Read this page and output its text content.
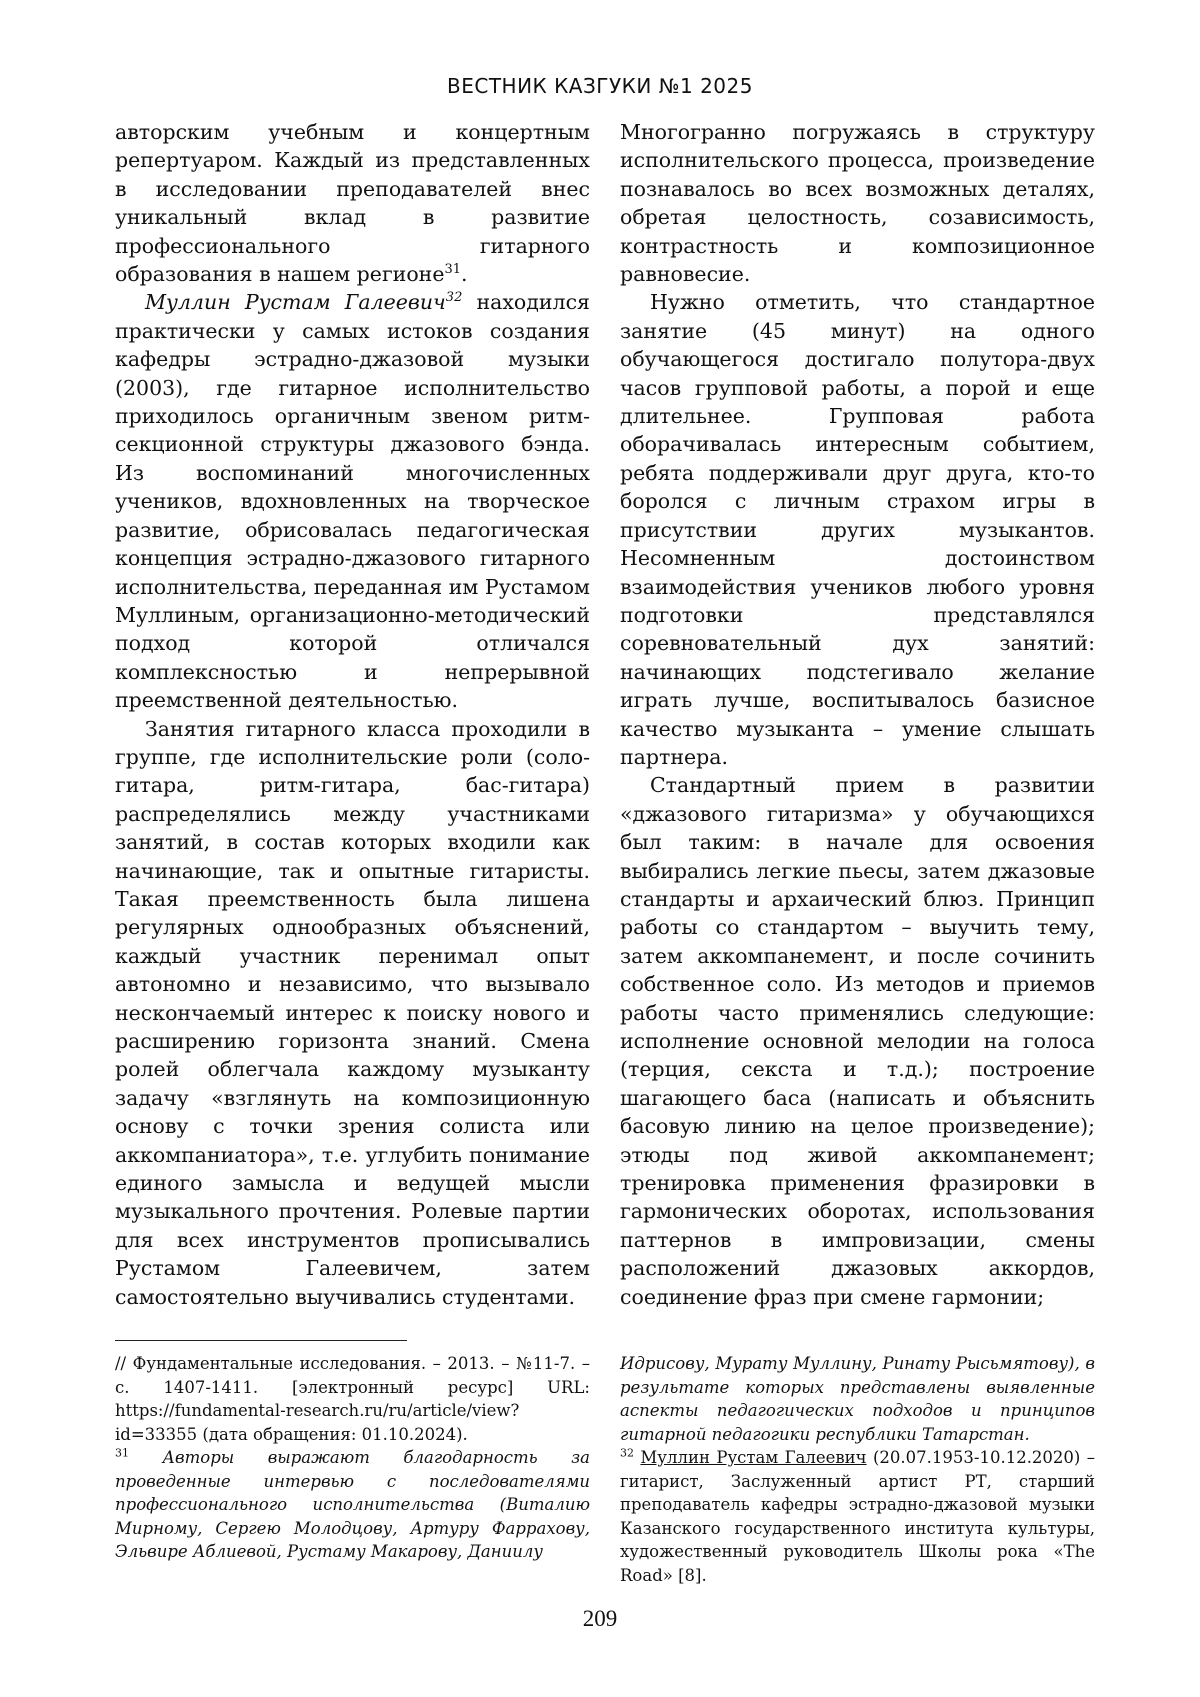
ВЕСТНИК КАЗГУКИ №1 2025

авторским учебным и концертным репертуаром. Каждый из представленных в исследовании преподавателей внес уникальный вклад в развитие профессионального гитарного образования в нашем регионе$^{31}$.

Муллин Рустам Галеевич$^{32}$ находился практически у самых истоков создания кафедры эстрадно-джазовой музыки (2003), где гитарное исполнительство приходилось органичным звеном ритм-секционной структуры джазового бэнда. Из воспоминаний многочисленных учеников, вдохновленных на творческое развитие, обрисовалась педагогическая концепция эстрадно-джазового гитарного исполнительства, переданная им Рустамом Муллиным, организационно-методический подход которой отличался комплексностью и непрерывной преемственной деятельностью.

Занятия гитарного класса проходили в группе, где исполнительские роли (соло-гитара, ритм-гитара, бас-гитара) распределялись между участниками занятий, в состав которых входили как начинающие, так и опытные гитаристы. Такая преемственность была лишена регулярных однообразных объяснений, каждый участник перенимал опыт автономно и независимо, что вызывало нескончаемый интерес к поиску нового и расширению горизонта знаний. Смена ролей облегчала каждому музыканту задачу «взглянуть на композиционную основу с точки зрения солиста или аккомпаниатора», т.е. углубить понимание единого замысла и ведущей мысли музыкального прочтения. Ролевые партии для всех инструментов прописывались Рустамом Галеевичем, затем самостоятельно выучивались студентами.

Многогранно погружаясь в структуру исполнительского процесса, произведение познавалось во всех возможных деталях, обретая целостность, созависимость, контрастность и композиционное равновесие.

Нужно отметить, что стандартное занятие (45 минут) на одного обучающегося достигало полутора-двух часов групповой работы, а порой и еще длительнее. Групповая работа оборачивалась интересным событием, ребята поддерживали друг друга, кто-то боролся с личным страхом игры в присутствии других музыкантов. Несомненным достоинством взаимодействия учеников любого уровня подготовки представлялся соревновательный дух занятий: начинающих подстегивало желание играть лучше, воспитывалось базисное качество музыканта – умение слышать партнера.

Стандартный прием в развитии «джазового гитаризма» у обучающихся был таким: в начале для освоения выбирались легкие пьесы, затем джазовые стандарты и архаический блюз. Принцип работы со стандартом – выучить тему, затем аккомпанемент, и после сочинить собственное соло. Из методов и приемов работы часто применялись следующие: исполнение основной мелодии на голоса (терция, секста и т.д.); построение шагающего баса (написать и объяснить басовую линию на целое произведение); этюды под живой аккомпанемент; тренировка применения фразировки в гармонических оборотах, использования паттернов в импровизации, смены расположений джазовых аккордов, соединение фраз при смене гармонии;

// Фундаментальные исследования. – 2013. – №11-7. – с. 1407-1411. [электронный ресурс] URL: https://fundamental-research.ru/ru/article/view?id=33355 (дата обращения: 01.10.2024).

$^{31}$ Авторы выражают благодарность за проведенные интервью с последователями профессионального исполнительства (Виталию Мирному, Сергею Молодцову, Артуру Фаррахову, Эльвире Аблиевой, Рустаму Макарову, Даниилу

Идрисову, Мурату Муллину, Ринату Рысьмятову), в результате которых представлены выявленные аспекты педагогических подходов и принципов гитарной педагогики республики Татарстан.

$^{32}$ Муллин Рустам Галеевич (20.07.1953-10.12.2020) – гитарист, Заслуженный артист РТ, старший преподаватель кафедры эстрадно-джазовой музыки Казанского государственного института культуры, художественный руководитель Школы рока «The Road» [8].

209
